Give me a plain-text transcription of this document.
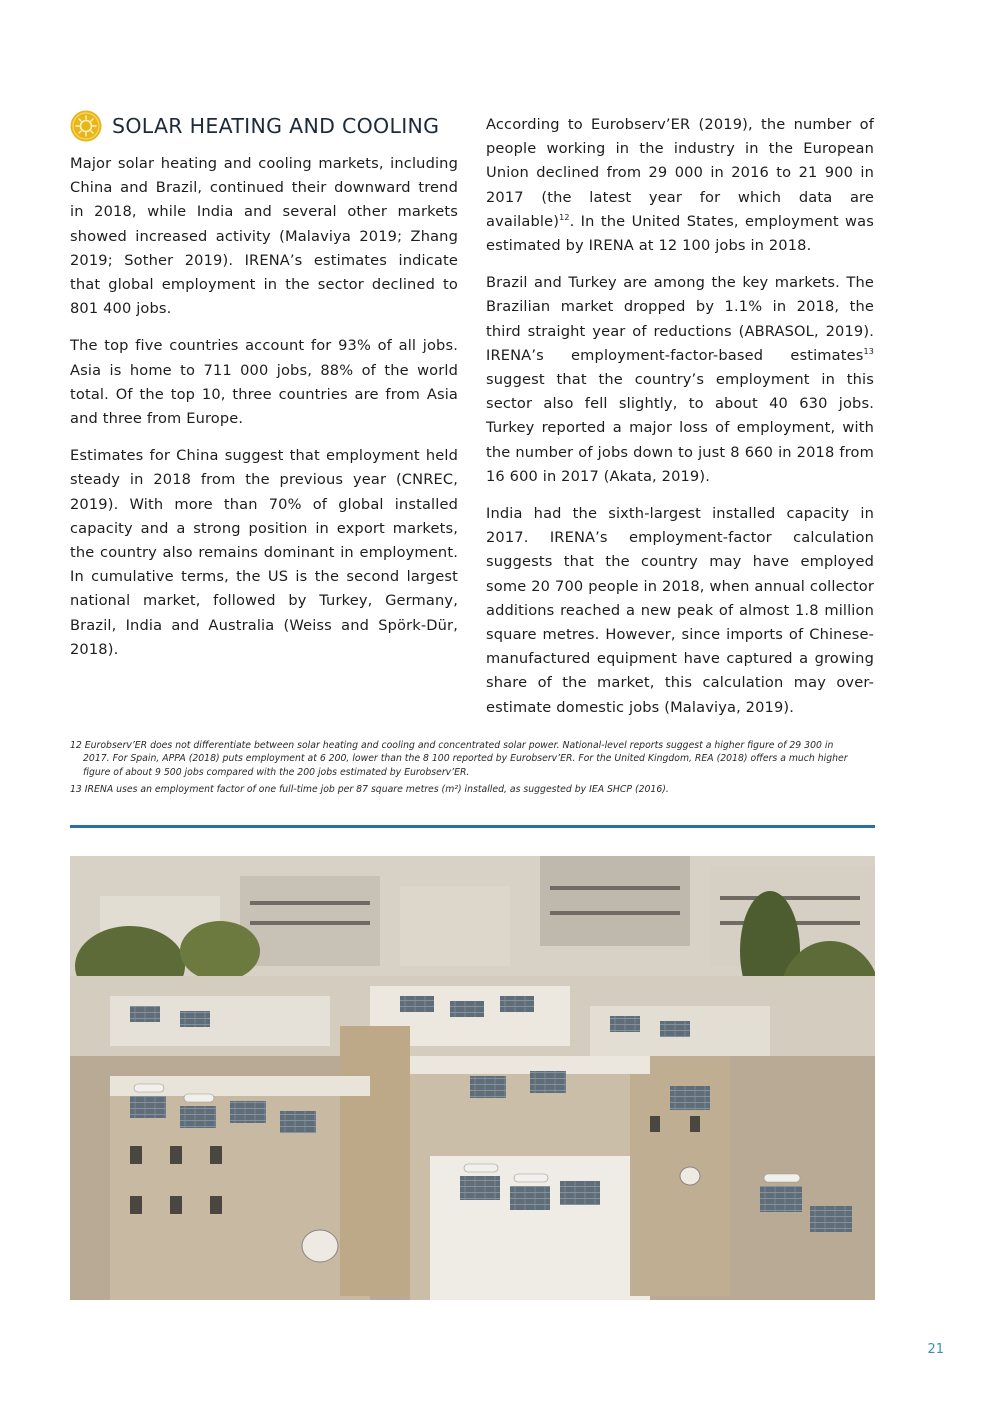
SOLAR HEATING AND COOLING

Major solar heating and cooling markets, including China and Brazil, continued their downward trend in 2018, while India and several other markets showed increased activity (Malaviya 2019; Zhang 2019; Sother 2019). IRENA’s estimates indicate that global employment in the sector declined to 801 400 jobs.

The top five countries account for 93% of all jobs. Asia is home to 711 000 jobs, 88% of the world total. Of the top 10, three countries are from Asia and three from Europe.

Estimates for China suggest that employment held steady in 2018 from the previous year (CNREC, 2019). With more than 70% of global installed capacity and a strong position in export markets, the country also remains dominant in employment. In cumulative terms, the US is the second largest national market, followed by Turkey, Germany, Brazil, India and Australia (Weiss and Spörk-Dür, 2018).

According to Eurobserv’ER (2019), the number of people working in the industry in the European Union declined from 29 000 in 2016 to 21 900 in 2017 (the latest year for which data are available)$^{12}$. In the United States, employment was estimated by IRENA at 12 100 jobs in 2018.

Brazil and Turkey are among the key markets. The Brazilian market dropped by 1.1% in 2018, the third straight year of reductions (ABRASOL, 2019). IRENA’s employment-factor-based estimates$^{13}$ suggest that the country’s employment in this sector also fell slightly, to about 40 630 jobs. Turkey reported a major loss of employment, with the number of jobs down to just 8 660 in 2018 from 16 600 in 2017 (Akata, 2019).

India had the sixth-largest installed capacity in 2017. IRENA’s employment-factor calculation suggests that the country may have employed some 20 700 people in 2018, when annual collector additions reached a new peak of almost 1.8 million square metres. However, since imports of Chinese-manufactured equipment have captured a growing share of the market, this calculation may over-estimate domestic jobs (Malaviya, 2019).

12 Eurobserv’ER does not differentiate between solar heating and cooling and concentrated solar power. National-level reports suggest a higher figure of 29 300 in 2017. For Spain, APPA (2018) puts employment at 6 200, lower than the 8 100 reported by Eurobserv’ER. For the United Kingdom, REA (2018) offers a much higher figure of about 9 500 jobs compared with the 200 jobs estimated by Eurobserv’ER.

13 IRENA uses an employment factor of one full-time job per 87 square metres (m²) installed, as suggested by IEA SHCP (2016).

21
